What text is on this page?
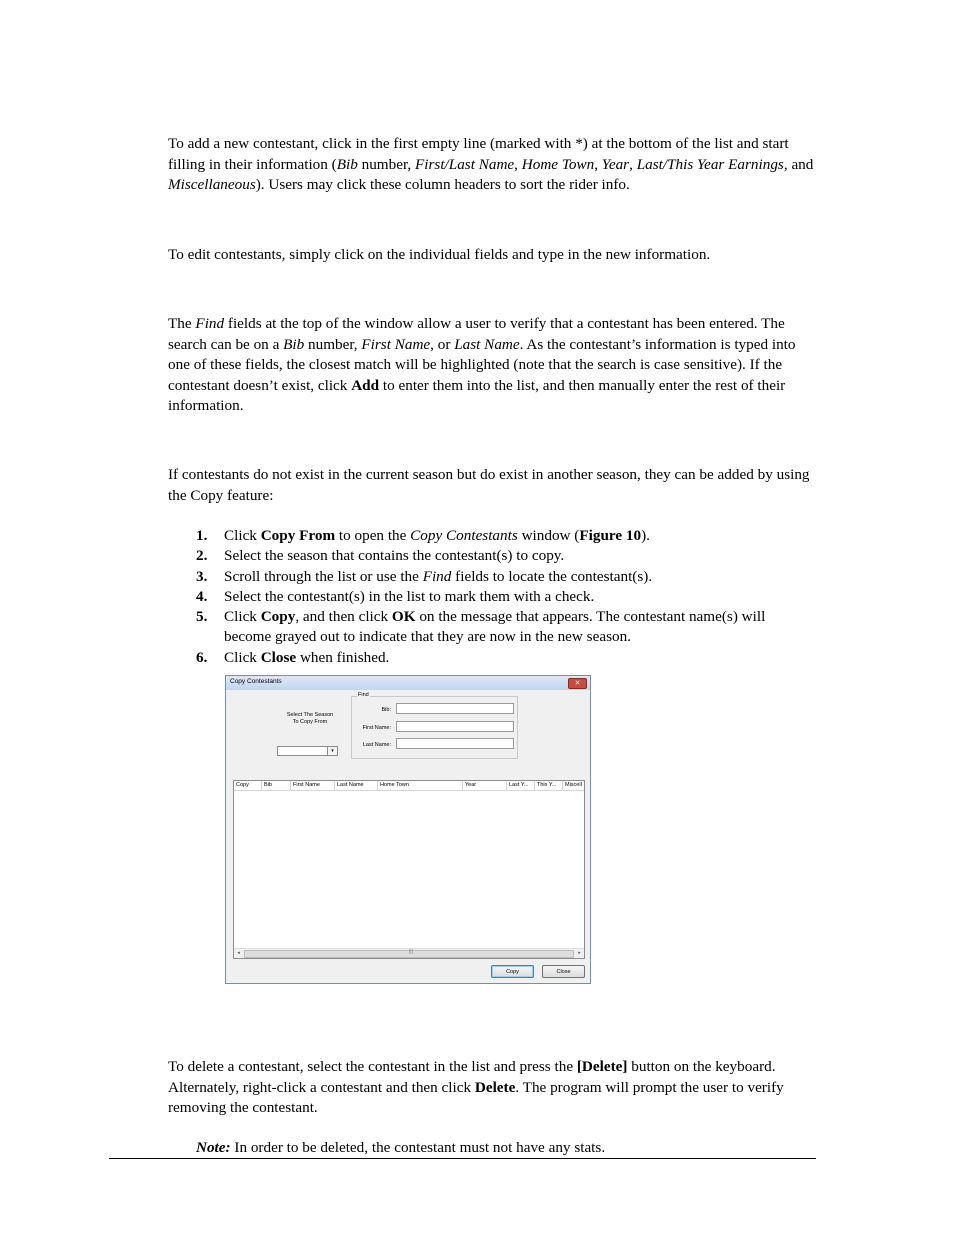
To add a new contestant, click in the first empty line (marked with *) at the bottom of the list and start filling in their information (Bib number, First/Last Name, Home Town, Year, Last/This Year Earnings, and Miscellaneous). Users may click these column headers to sort the rider info.

To edit contestants, simply click on the individual fields and type in the new information.

The Find fields at the top of the window allow a user to verify that a contestant has been entered. The search can be on a Bib number, First Name, or Last Name. As the contestant’s information is typed into one of these fields, the closest match will be highlighted (note that the search is case sensitive). If the contestant doesn’t exist, click Add to enter them into the list, and then manually enter the rest of their information.

If contestants do not exist in the current season but do exist in another season, they can be added by using the Copy feature:

1. Click Copy From to open the Copy Contestants window (Figure 10).
2. Select the season that contains the contestant(s) to copy.
3. Scroll through the list or use the Find fields to locate the contestant(s).
4. Select the contestant(s) in the list to mark them with a check.
5. Click Copy, and then click OK on the message that appears. The contestant name(s) will become grayed out to indicate that they are now in the new season.
6. Click Close when finished.
Copy Contestants	✕
Select The Season
To Copy From
▾
Find
Bib:
First Name:
Last Name:
Copy	Bib	First Name	Last Name	Home Town	Year	Last Y...	This Y...	Miscell
◂	|||	▸
Copy	Close

To delete a contestant, select the contestant in the list and press the [Delete] button on the keyboard. Alternately, right-click a contestant and then click Delete. The program will prompt the user to verify removing the contestant.

Note: In order to be deleted, the contestant must not have any stats.
